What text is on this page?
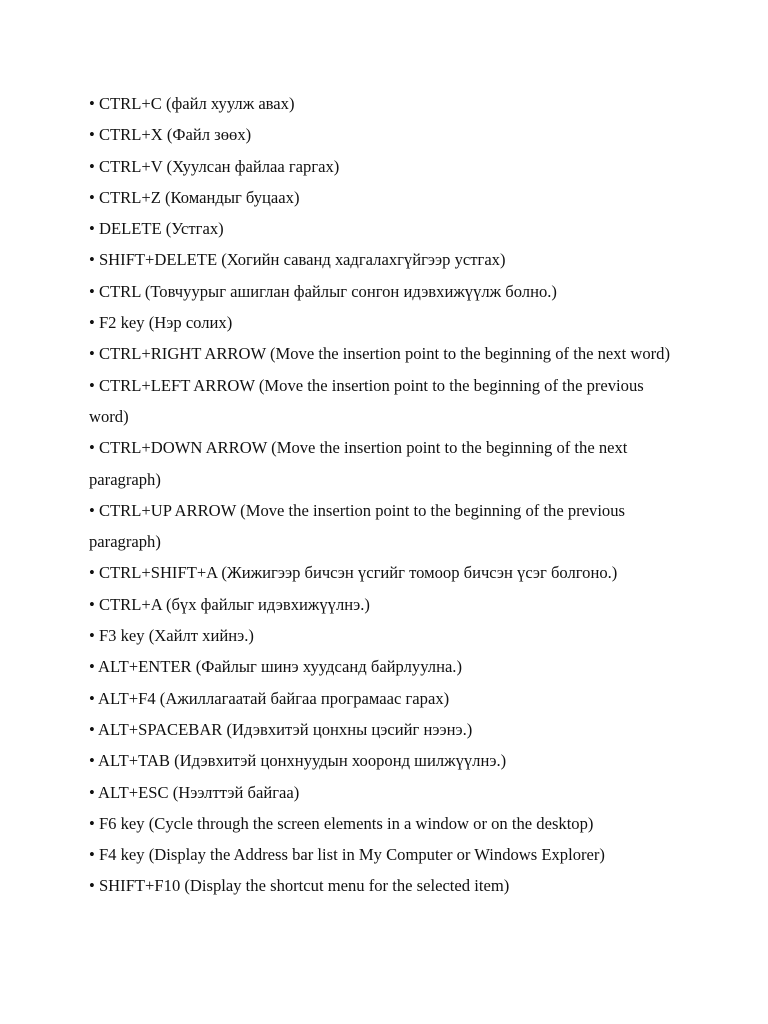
• CTRL+C (файл хуулж авах)
• CTRL+X (Файл зөөх)
• CTRL+V (Хуулсан файлаа гаргах)
• CTRL+Z (Командыг буцаах)
• DELETE (Устгах)
• SHIFT+DELETE (Хогийн саванд хадгалахгүйгээр устгах)
• CTRL (Товчуурыг ашиглан файлыг сонгон идэвхижүүлж болно.)
• F2 key (Нэр солих)
• CTRL+RIGHT ARROW (Move the insertion point to the beginning of the next word)
• CTRL+LEFT ARROW (Move the insertion point to the beginning of the previous word)
• CTRL+DOWN ARROW (Move the insertion point to the beginning of the next paragraph)
• CTRL+UP ARROW (Move the insertion point to the beginning of the previous paragraph)
• CTRL+SHIFT+A (Жижигээр бичсэн үсгийг томоор бичсэн үсэг болгоно.)
• CTRL+A (бүх файлыг идэвхижүүлнэ.)
• F3 key (Хайлт хийнэ.)
• ALT+ENTER (Файлыг шинэ хуудсанд байрлуулна.)
• ALT+F4 (Ажиллагаатай байгаа програмаас гарах)
• ALT+SPACEBAR (Идэвхитэй цонхны цэсийг нээнэ.)
• ALT+TAB (Идэвхитэй цонхнуудын хооронд шилжүүлнэ.)
• ALT+ESC (Нээлттэй байгаа)
• F6 key (Cycle through the screen elements in a window or on the desktop)
• F4 key (Display the Address bar list in My Computer or Windows Explorer)
• SHIFT+F10 (Display the shortcut menu for the selected item)
